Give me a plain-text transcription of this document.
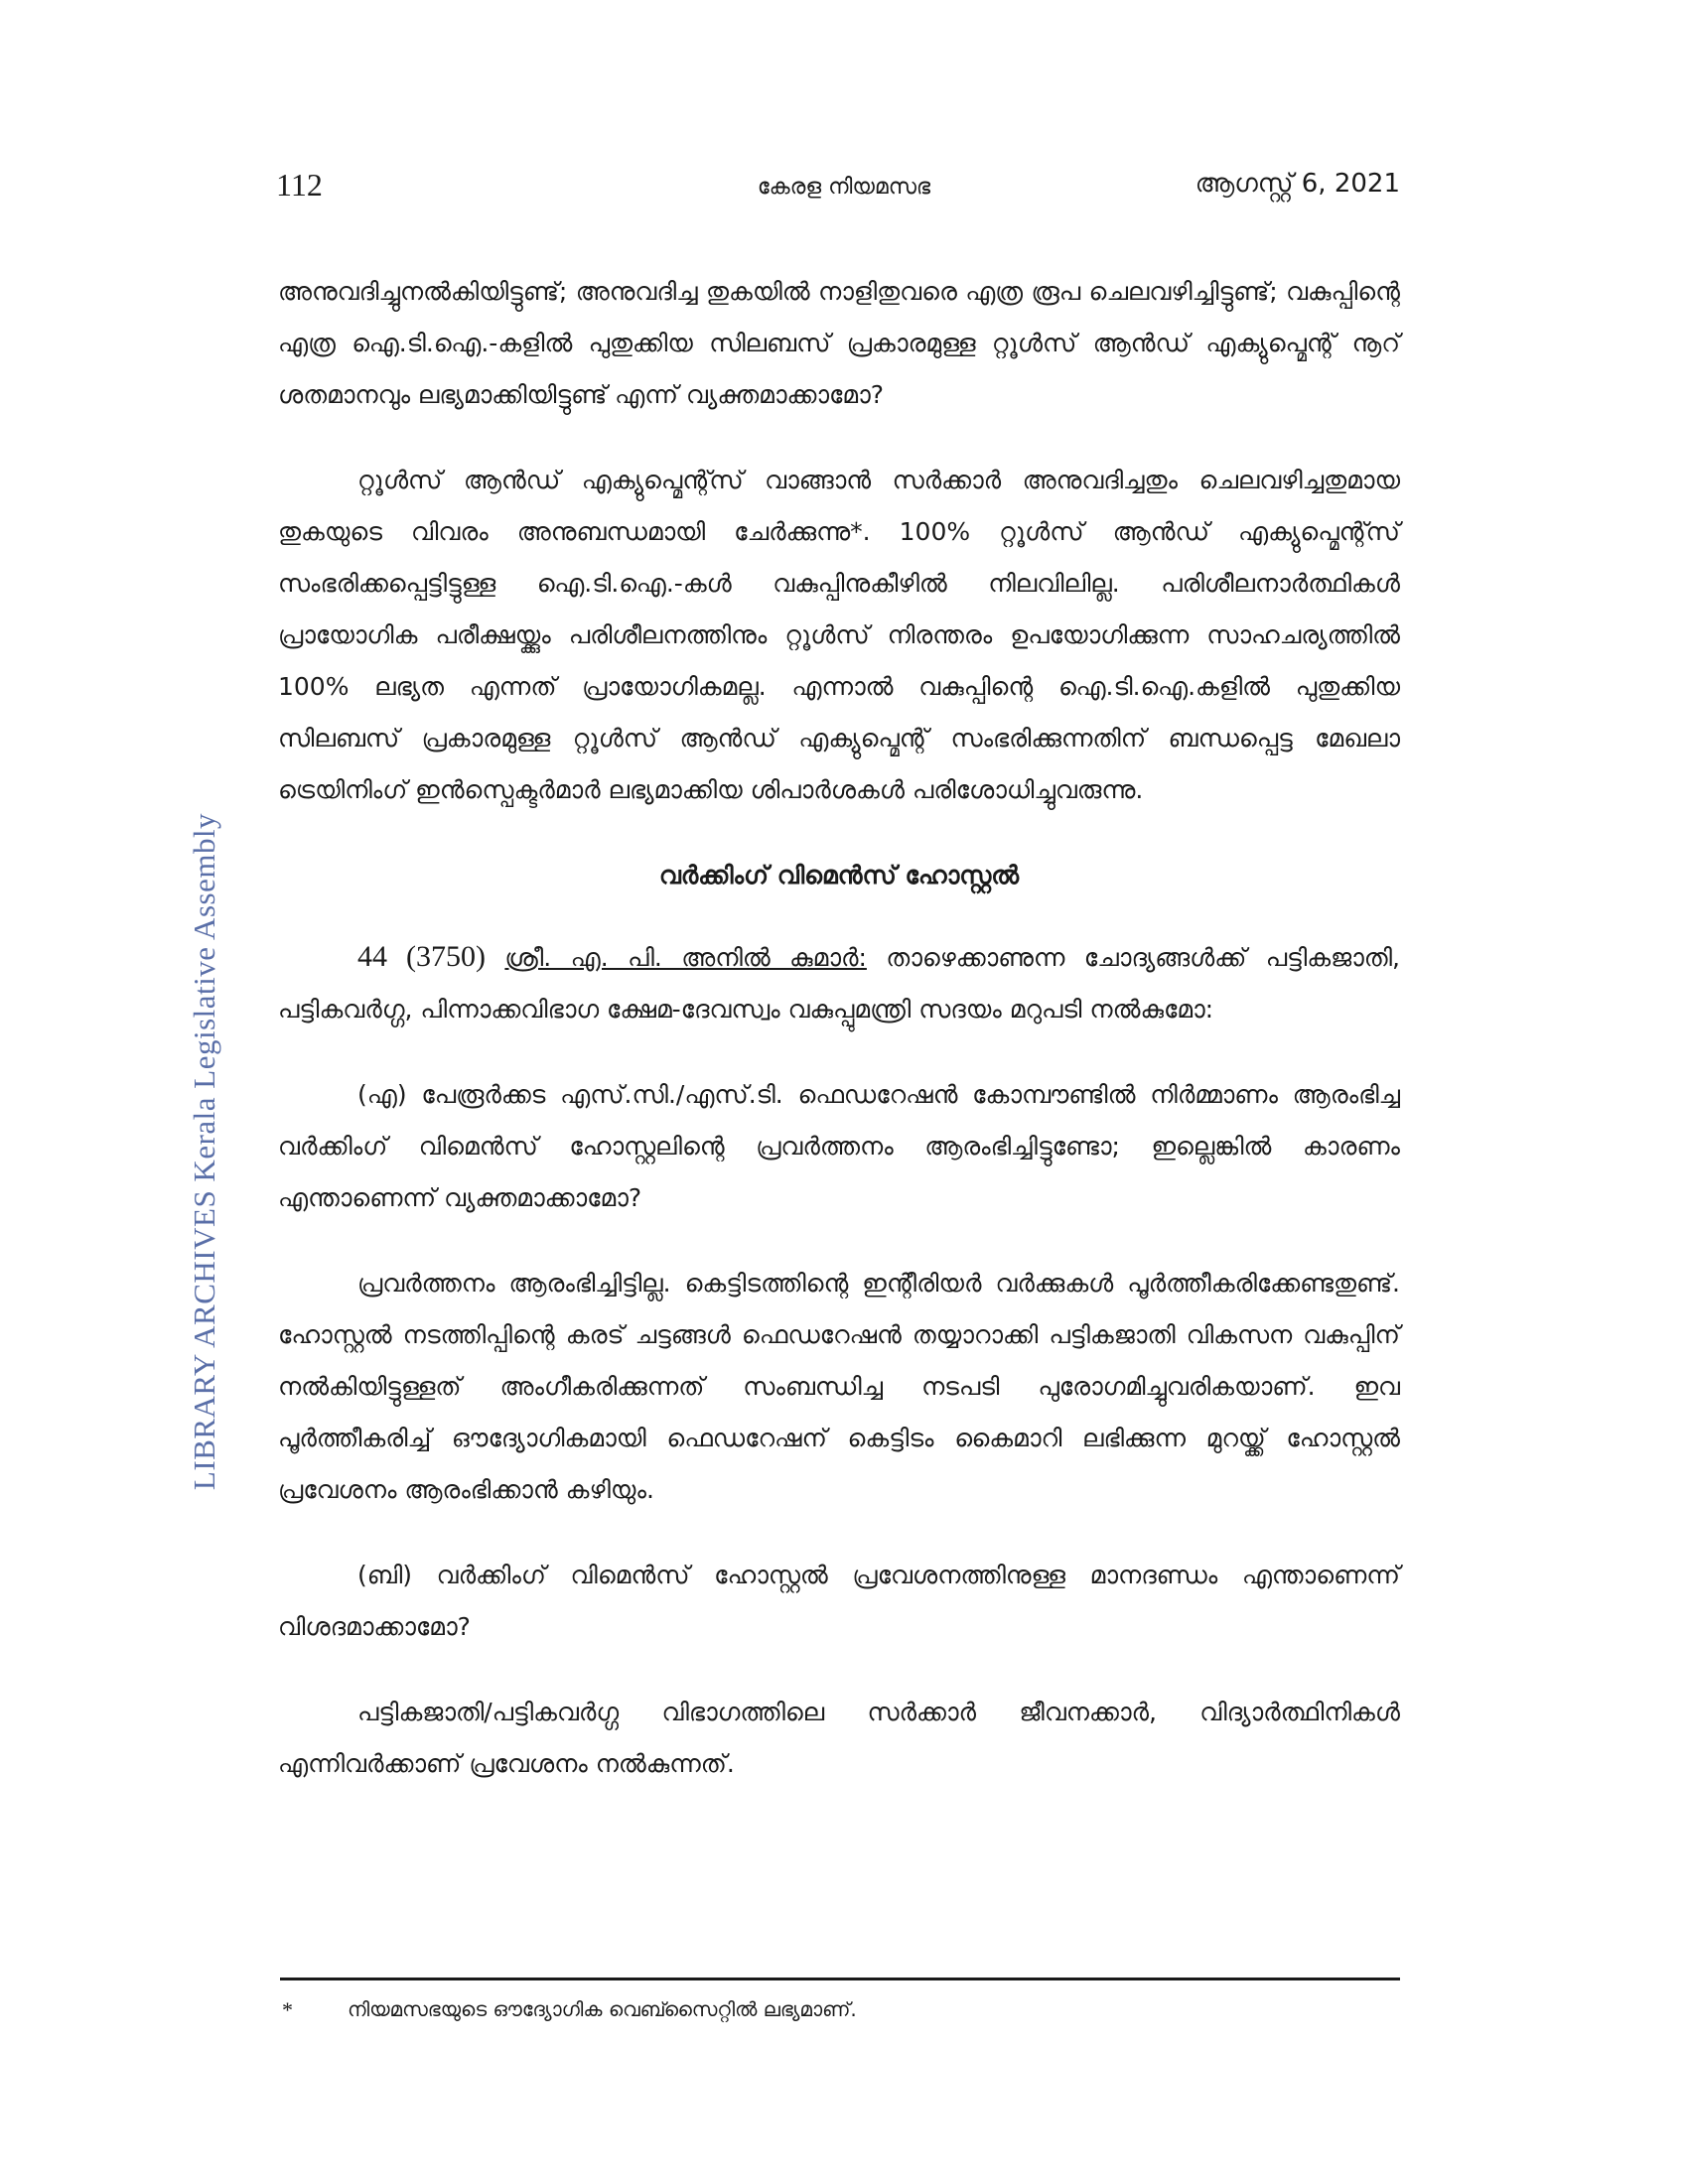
112	കേരള നിയമസഭ	ആഗസ്റ്റ് 6, 2021
LIBRARY ARCHIVES Kerala Legislative Assembly

അനുവദിച്ചുനൽകിയിട്ടുണ്ട്; അനുവദിച്ച തുകയിൽ നാളിതുവരെ എത്ര രൂപ ചെലവഴിച്ചിട്ടുണ്ട്; വകുപ്പിന്റെ എത്ര ഐ.ടി.ഐ.-കളിൽ പുതുക്കിയ സിലബസ് പ്രകാരമുള്ള റ്റൂൾസ് ആൻഡ് എക്യുപ്മെന്റ് നൂറ് ശതമാനവും ലഭ്യമാക്കിയിട്ടുണ്ട് എന്ന് വ്യക്തമാക്കാമോ?

റ്റൂൾസ് ആൻഡ് എക്യുപ്മെന്റ്സ് വാങ്ങാൻ സർക്കാർ അനുവദിച്ചതും ചെലവഴിച്ചതുമായ തുകയുടെ വിവരം അനുബന്ധമായി ചേർക്കുന്നു*. 100% റ്റൂൾസ് ആൻഡ് എക്യുപ്മെന്റ്സ് സംഭരിക്കപ്പെട്ടിട്ടുള്ള ഐ.ടി.ഐ.-കൾ വകുപ്പിനുകീഴിൽ നിലവിലില്ല. പരിശീലനാർത്ഥികൾ പ്രായോഗിക പരീക്ഷയ്ക്കും പരിശീലനത്തിനും റ്റൂൾസ് നിരന്തരം ഉപയോഗിക്കുന്ന സാഹചര്യത്തിൽ 100% ലഭ്യത എന്നത് പ്രായോഗികമല്ല. എന്നാൽ വകുപ്പിന്റെ ഐ.ടി.ഐ.കളിൽ പുതുക്കിയ സിലബസ് പ്രകാരമുള്ള റ്റൂൾസ് ആൻഡ് എക്യുപ്മെന്റ് സംഭരിക്കുന്നതിന് ബന്ധപ്പെട്ട മേഖലാ ട്രെയിനിംഗ് ഇൻസ്പെക്ടർമാർ ലഭ്യമാക്കിയ ശിപാർശകൾ പരിശോധിച്ചുവരുന്നു.

വർക്കിംഗ് വിമെൻസ് ഹോസ്റ്റൽ

44 (3750) ശ്രീ. എ. പി. അനിൽ കുമാർ: താഴെക്കാണുന്ന ചോദ്യങ്ങൾക്ക് പട്ടികജാതി, പട്ടികവർഗ്ഗ, പിന്നാക്കവിഭാഗ ക്ഷേമ-ദേവസ്വം വകുപ്പുമന്ത്രി സദയം മറുപടി നൽകുമോ:

(എ) പേരൂർക്കട എസ്.സി./എസ്.ടി. ഫെഡറേഷൻ കോമ്പൗണ്ടിൽ നിർമ്മാണം ആരംഭിച്ച വർക്കിംഗ് വിമെൻസ് ഹോസ്റ്റലിന്റെ പ്രവർത്തനം ആരംഭിച്ചിട്ടുണ്ടോ; ഇല്ലെങ്കിൽ കാരണം എന്താണെന്ന് വ്യക്തമാക്കാമോ?

പ്രവർത്തനം ആരംഭിച്ചിട്ടില്ല. കെട്ടിടത്തിന്റെ ഇന്റീരിയർ വർക്കുകൾ പൂർത്തീകരിക്കേണ്ടതുണ്ട്. ഹോസ്റ്റൽ നടത്തിപ്പിന്റെ കരട് ചട്ടങ്ങൾ ഫെഡറേഷൻ തയ്യാറാക്കി പട്ടികജാതി വികസന വകുപ്പിന് നൽകിയിട്ടുള്ളത് അംഗീകരിക്കുന്നത് സംബന്ധിച്ച നടപടി പുരോഗമിച്ചുവരികയാണ്. ഇവ പൂർത്തീകരിച്ച് ഔദ്യോഗികമായി ഫെഡറേഷന് കെട്ടിടം കൈമാറി ലഭിക്കുന്ന മുറയ്ക്ക് ഹോസ്റ്റൽ പ്രവേശനം ആരംഭിക്കാൻ കഴിയും.

(ബി) വർക്കിംഗ് വിമെൻസ് ഹോസ്റ്റൽ പ്രവേശനത്തിനുള്ള മാനദണ്ഡം എന്താണെന്ന് വിശദമാക്കാമോ?

പട്ടികജാതി/പട്ടികവർഗ്ഗ വിഭാഗത്തിലെ സർക്കാർ ജീവനക്കാർ, വിദ്യാർത്ഥിനികൾ എന്നിവർക്കാണ് പ്രവേശനം നൽകുന്നത്.

*	നിയമസഭയുടെ ഔദ്യോഗിക വെബ്സൈറ്റിൽ ലഭ്യമാണ്.
